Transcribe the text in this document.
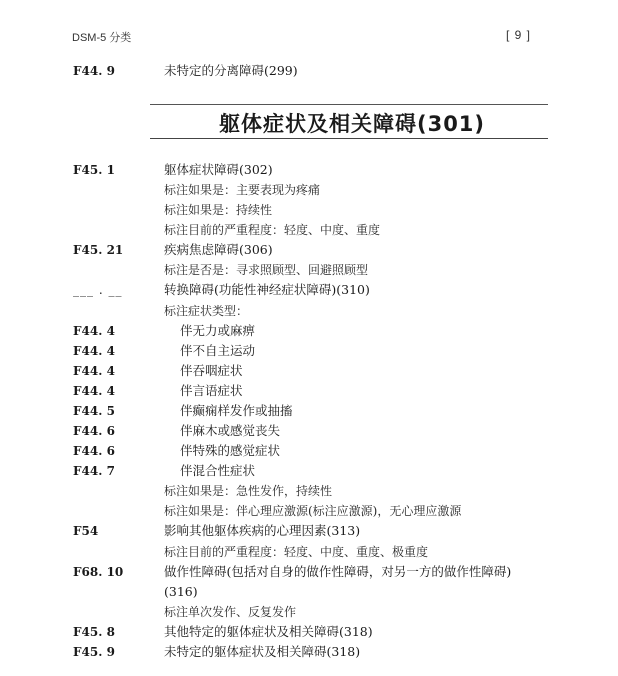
DSM-5 分类	[ 9 ]
F44. 9	未特定的分离障碍(299)
躯体症状及相关障碍(301)
F45. 1	躯体症状障碍(302)
标注如果是：主要表现为疼痛
标注如果是：持续性
标注目前的严重程度：轻度、中度、重度
F45. 21	疾病焦虑障碍(306)
标注是否是：寻求照顾型、回避照顾型
___ . __	转换障碍(功能性神经症状障碍)(310)
标注症状类型：
F44. 4	伴无力或麻痹
F44. 4	伴不自主运动
F44. 4	伴吞咽症状
F44. 4	伴言语症状
F44. 5	伴癫痫样发作或抽搐
F44. 6	伴麻木或感觉丧失
F44. 6	伴特殊的感觉症状
F44. 7	伴混合性症状
标注如果是：急性发作，持续性
标注如果是：伴心理应激源(标注应激源)，无心理应激源
F54	影响其他躯体疾病的心理因素(313)
标注目前的严重程度：轻度、中度、重度、极重度
F68. 10	做作性障碍(包括对自身的做作性障碍，对另一方的做作性障碍)
(316)
标注单次发作、反复发作
F45. 8	其他特定的躯体症状及相关障碍(318)
F45. 9	未特定的躯体症状及相关障碍(318)
